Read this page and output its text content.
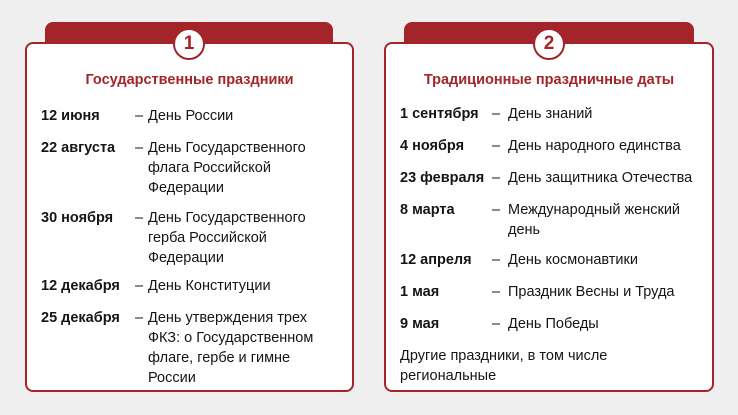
Государственные праздники
12 июня – День России
22 августа – День Государственного флага Российской Федерации
30 ноября – День Государственного герба Российской Федерации
12 декабря – День Конституции
25 декабря – День утверждения трех ФКЗ: о Государственном флаге, гербе и гимне России
Традиционные праздничные даты
1 сентября – День знаний
4 ноября – День народного единства
23 февраля – День защитника Отечества
8 марта	– Международный женский день
12 апреля – День космонавтики
1 мая	– Праздник Весны и Труда
9 мая	– День Победы
Другие праздники, в том числе региональные
1	2
